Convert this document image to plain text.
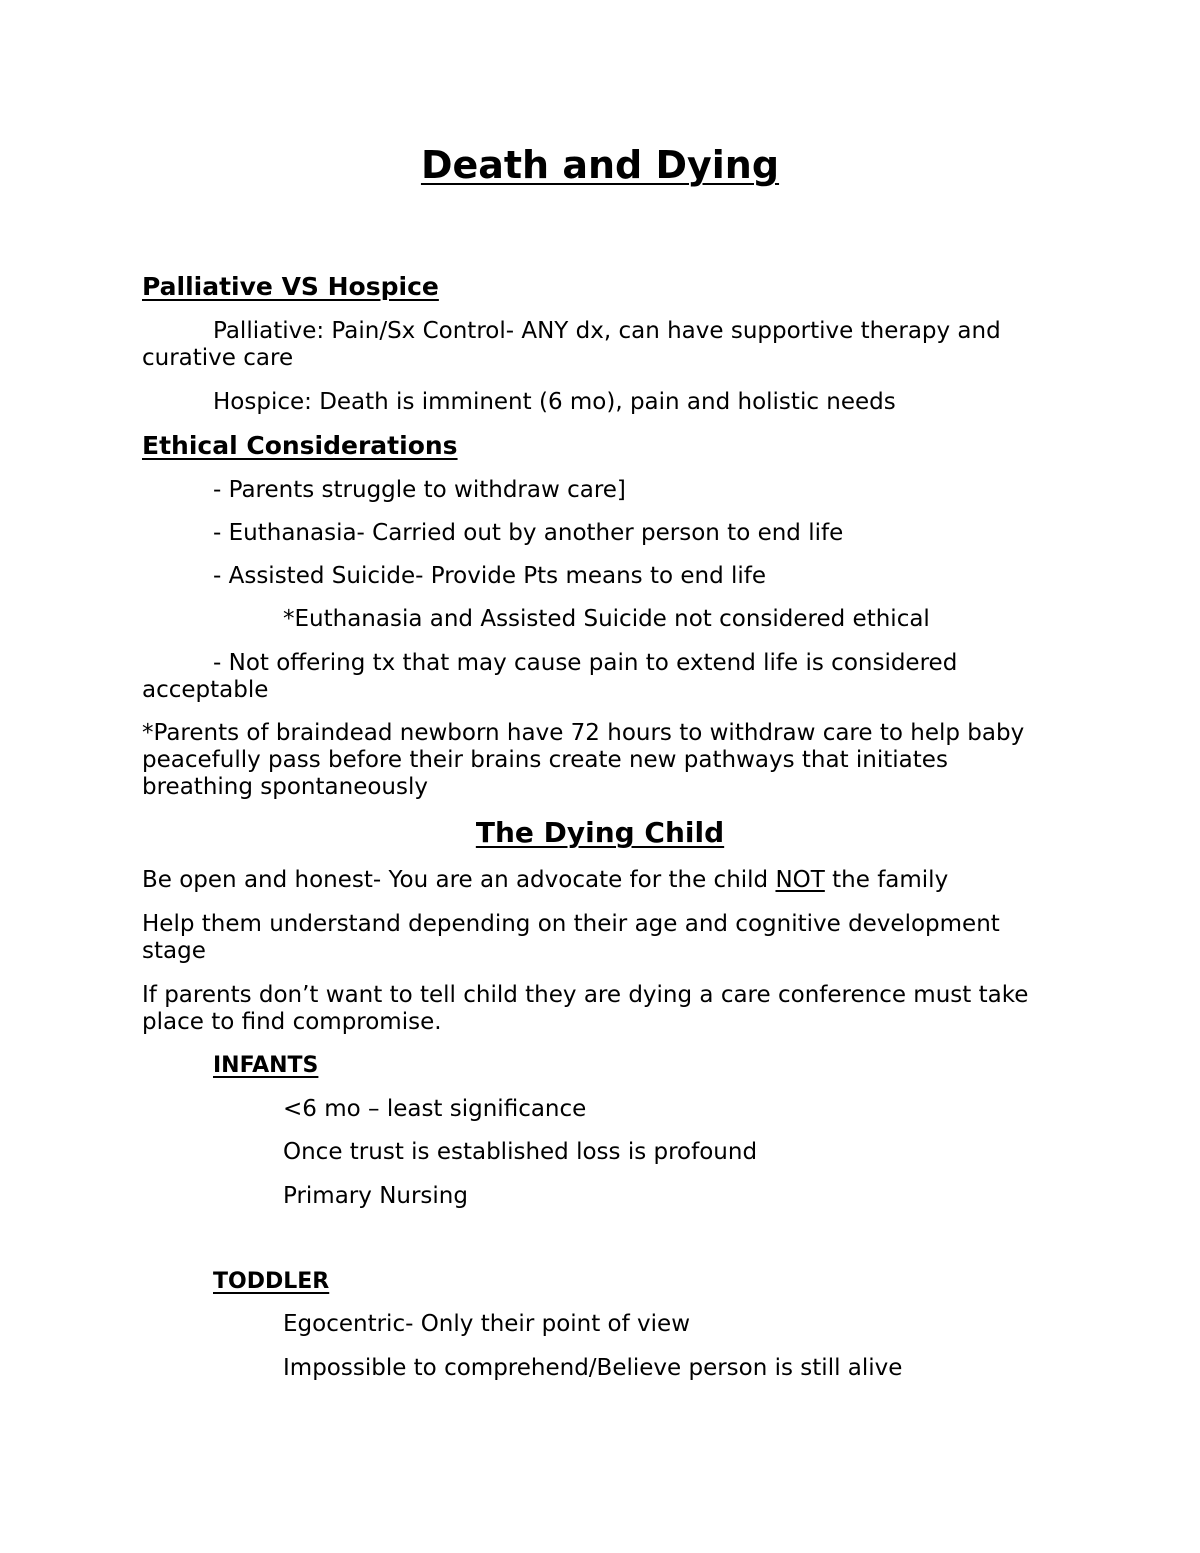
Death and Dying
Palliative VS Hospice

Palliative: Pain/Sx Control- ANY dx, can have supportive therapy and

curative care

Hospice: Death is imminent (6 mo), pain and holistic needs

Ethical Considerations

- Parents struggle to withdraw care]

- Euthanasia- Carried out by another person to end life

- Assisted Suicide- Provide Pts means to end life

*Euthanasia and Assisted Suicide not considered ethical

- Not offering tx that may cause pain to extend life is considered

acceptable

*Parents of braindead newborn have 72 hours to withdraw care to help baby

peacefully pass before their brains create new pathways that initiates

breathing spontaneously

The Dying Child

Be open and honest- You are an advocate for the child NOT the family

Help them understand depending on their age and cognitive development

stage

If parents don’t want to tell child they are dying a care conference must take

place to find compromise.

INFANTS

<6 mo – least significance

Once trust is established loss is profound

Primary Nursing

TODDLER

Egocentric- Only their point of view

Impossible to comprehend/Believe person is still alive
